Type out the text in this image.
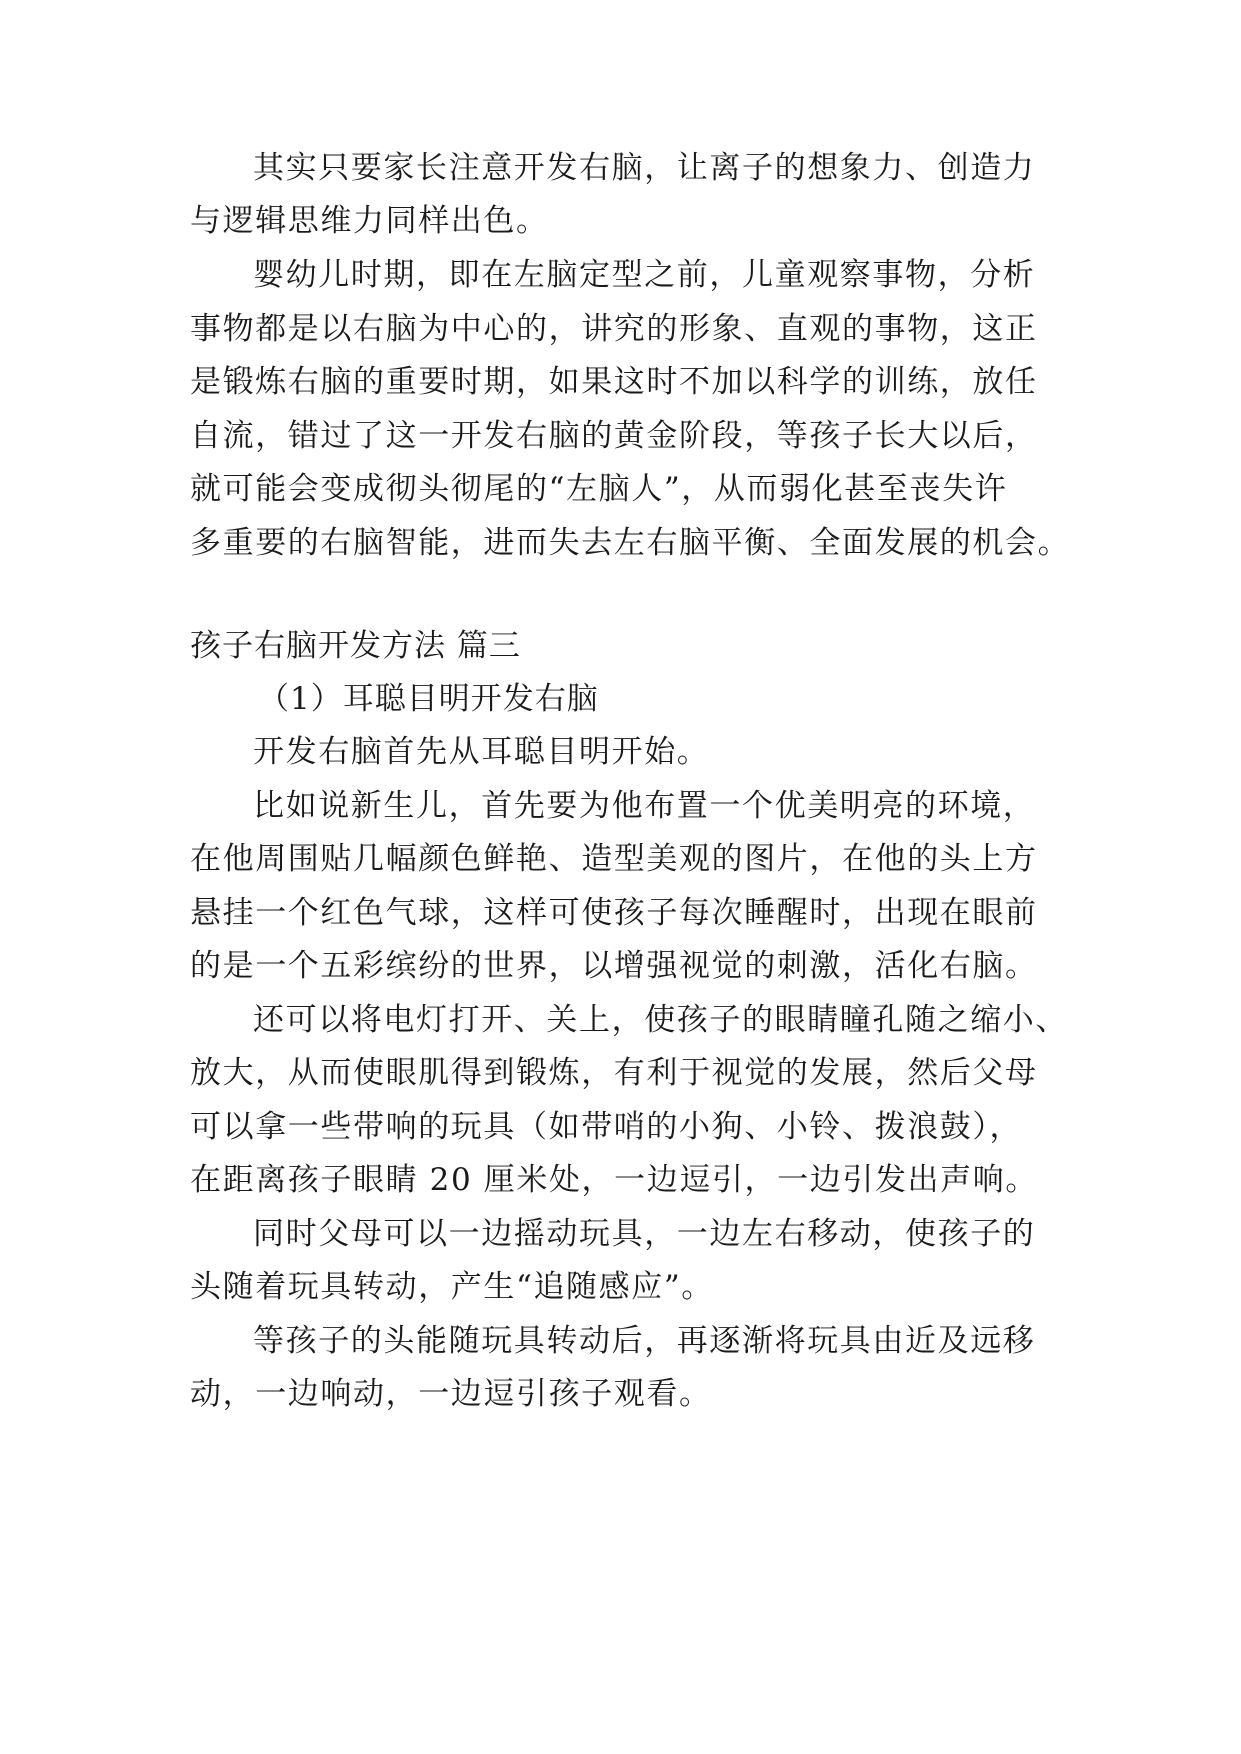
其实只要家长注意开发右脑，让离子的想象力、创造力
与逻辑思维力同样出色。
婴幼儿时期，即在左脑定型之前，儿童观察事物，分析
事物都是以右脑为中心的，讲究的形象、直观的事物，这正
是锻炼右脑的重要时期，如果这时不加以科学的训练，放任
自流，错过了这一开发右脑的黄金阶段，等孩子长大以后，
就可能会变成彻头彻尾的“左脑人”，从而弱化甚至丧失许
多重要的右脑智能，进而失去左右脑平衡、全面发展的机会。
孩子右脑开发方法 篇三
（1）耳聪目明开发右脑
开发右脑首先从耳聪目明开始。
比如说新生儿，首先要为他布置一个优美明亮的环境，
在他周围贴几幅颜色鲜艳、造型美观的图片，在他的头上方
悬挂一个红色气球，这样可使孩子每次睡醒时，出现在眼前
的是一个五彩缤纷的世界，以增强视觉的刺激，活化右脑。
还可以将电灯打开、关上，使孩子的眼睛瞳孔随之缩小、
放大，从而使眼肌得到锻炼，有利于视觉的发展，然后父母
可以拿一些带响的玩具（如带哨的小狗、小铃、拨浪鼓），
在距离孩子眼睛 20 厘米处，一边逗引，一边引发出声响。
同时父母可以一边摇动玩具，一边左右移动，使孩子的
头随着玩具转动，产生“追随感应”。
等孩子的头能随玩具转动后，再逐渐将玩具由近及远移
动，一边响动，一边逗引孩子观看。
